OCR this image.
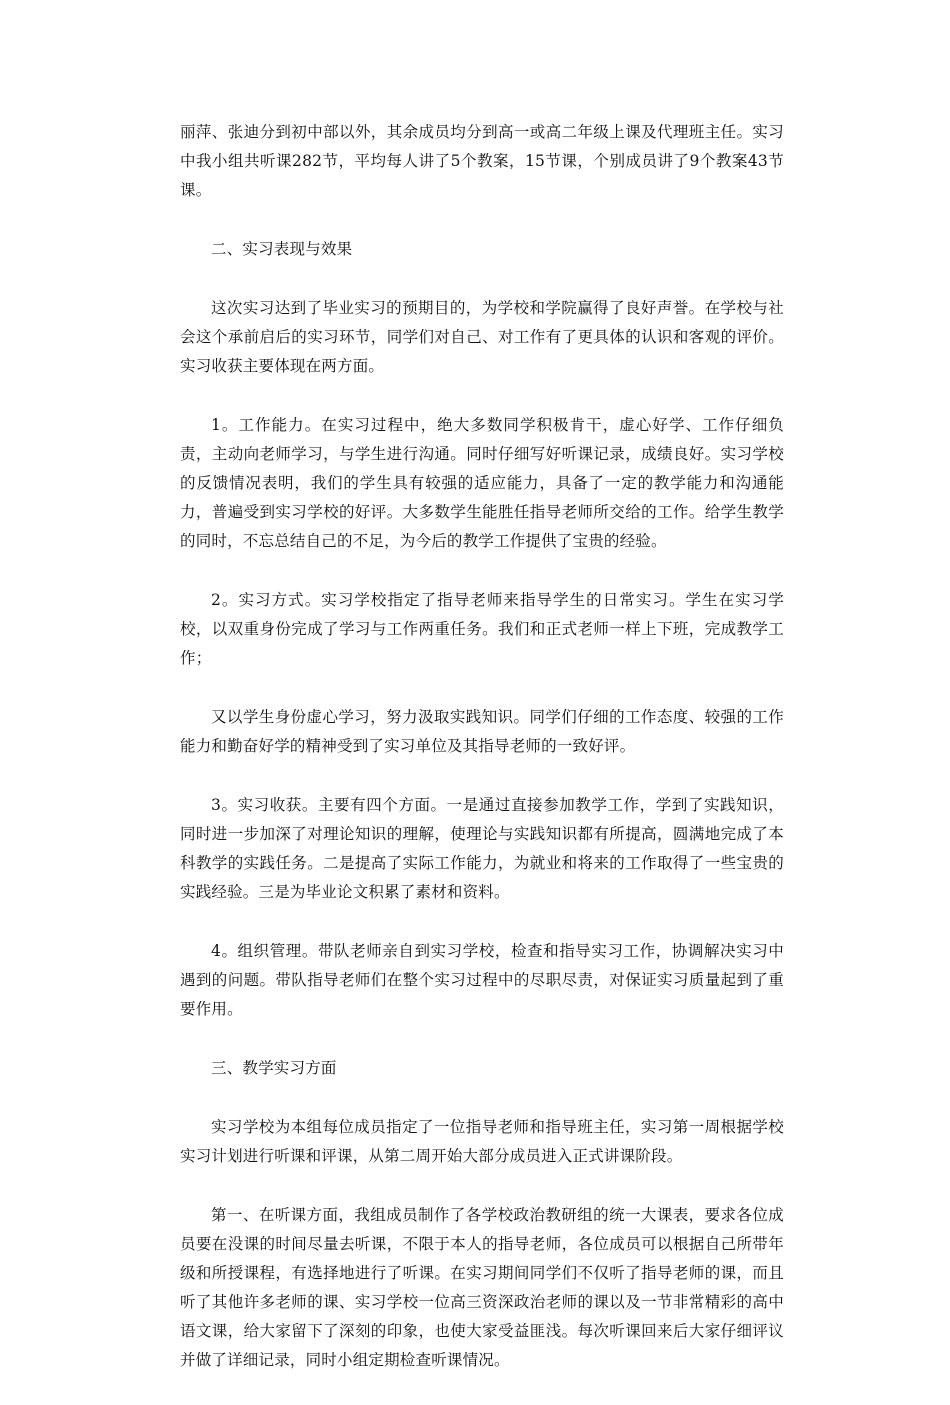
丽萍、张迪分到初中部以外，其余成员均分到高一或高二年级上课及代理班主任。实习中我小组共听课282节，平均每人讲了5个教案，15节课，个别成员讲了9个教案43节课。

二、实习表现与效果

这次实习达到了毕业实习的预期目的，为学校和学院赢得了良好声誉。在学校与社会这个承前启后的实习环节，同学们对自己、对工作有了更具体的认识和客观的评价。实习收获主要体现在两方面。

1。工作能力。在实习过程中，绝大多数同学积极肯干，虚心好学、工作仔细负责，主动向老师学习，与学生进行沟通。同时仔细写好听课记录，成绩良好。实习学校的反馈情况表明，我们的学生具有较强的适应能力，具备了一定的教学能力和沟通能力，普遍受到实习学校的好评。大多数学生能胜任指导老师所交给的工作。给学生教学的同时，不忘总结自己的不足，为今后的教学工作提供了宝贵的经验。

2。实习方式。实习学校指定了指导老师来指导学生的日常实习。学生在实习学校，以双重身份完成了学习与工作两重任务。我们和正式老师一样上下班，完成教学工作；

又以学生身份虚心学习，努力汲取实践知识。同学们仔细的工作态度、较强的工作能力和勤奋好学的精神受到了实习单位及其指导老师的一致好评。

3。实习收获。主要有四个方面。一是通过直接参加教学工作，学到了实践知识，同时进一步加深了对理论知识的理解，使理论与实践知识都有所提高，圆满地完成了本科教学的实践任务。二是提高了实际工作能力，为就业和将来的工作取得了一些宝贵的实践经验。三是为毕业论文积累了素材和资料。

4。组织管理。带队老师亲自到实习学校，检查和指导实习工作，协调解决实习中遇到的问题。带队指导老师们在整个实习过程中的尽职尽责，对保证实习质量起到了重要作用。

三、教学实习方面

实习学校为本组每位成员指定了一位指导老师和指导班主任，实习第一周根据学校实习计划进行听课和评课，从第二周开始大部分成员进入正式讲课阶段。

第一、在听课方面，我组成员制作了各学校政治教研组的统一大课表，要求各位成员要在没课的时间尽量去听课，不限于本人的指导老师，各位成员可以根据自己所带年级和所授课程，有选择地进行了听课。在实习期间同学们不仅听了指导老师的课，而且听了其他许多老师的课、实习学校一位高三资深政治老师的课以及一节非常精彩的高中语文课，给大家留下了深刻的印象，也使大家受益匪浅。每次听课回来后大家仔细评议并做了详细记录，同时小组定期检查听课情况。
